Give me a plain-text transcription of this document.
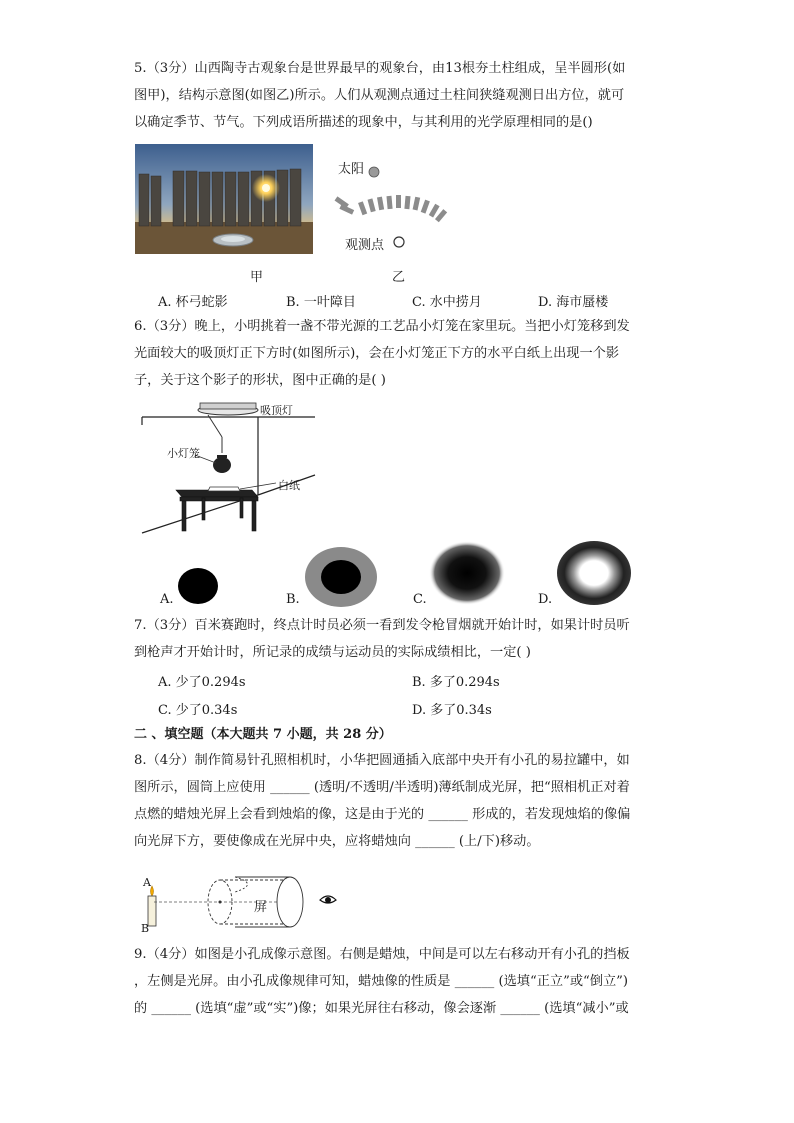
5.（3分）山西陶寺古观象台是世界最早的观象台，由13根夯土柱组成，呈半圆形(如

图甲)，结构示意图(如图乙)所示。人们从观测点通过土柱间狭缝观测日出方位，就可

以确定季节、节气。下列成语所描述的现象中，与其利用的光学原理相同的是()

太阳
观测点
甲	乙
A. 杯弓蛇影	B. 一叶障目	C. 水中捞月	D. 海市蜃楼

6.（3分）晚上，小明挑着一盏不带光源的工艺品小灯笼在家里玩。当把小灯笼移到发

光面较大的吸顶灯正下方时(如图所示)，会在小灯笼正下方的水平白纸上出现一个影

子，关于这个影子的形状，图中正确的是( )

吸顶灯
小灯笼
白纸
A.	B.	C.	D.

7.（3分）百米赛跑时，终点计时员必须一看到发令枪冒烟就开始计时，如果计时员听

到枪声才开始计时，所记录的成绩与运动员的实际成绩相比，一定( )

A. 少了0.294s	B. 多了0.294s
C. 少了0.34s	D. 多了0.34s
二 、填空题（本大题共 7 小题，共 28 分）

8.（4分）制作简易针孔照相机时，小华把圆通插入底部中央开有小孔的易拉罐中，如

图所示，圆筒上应使用 ______ (透明/不透明/半透明)薄纸制成光屏，把“照相机正对着

点燃的蜡烛光屏上会看到烛焰的像，这是由于光的 ______ 形成的，若发现烛焰的像偏

向光屏下方，要使像成在光屏中央，应将蜡烛向 ______ (上/下)移动。

A
B
屏

9.（4分）如图是小孔成像示意图。右侧是蜡烛，中间是可以左右移动开有小孔的挡板

，左侧是光屏。由小孔成像规律可知，蜡烛像的性质是 ______ (选填“正立”或“倒立”)

的 ______ (选填“虚”或“实”)像；如果光屏往右移动，像会逐渐 ______ (选填“减小”或
